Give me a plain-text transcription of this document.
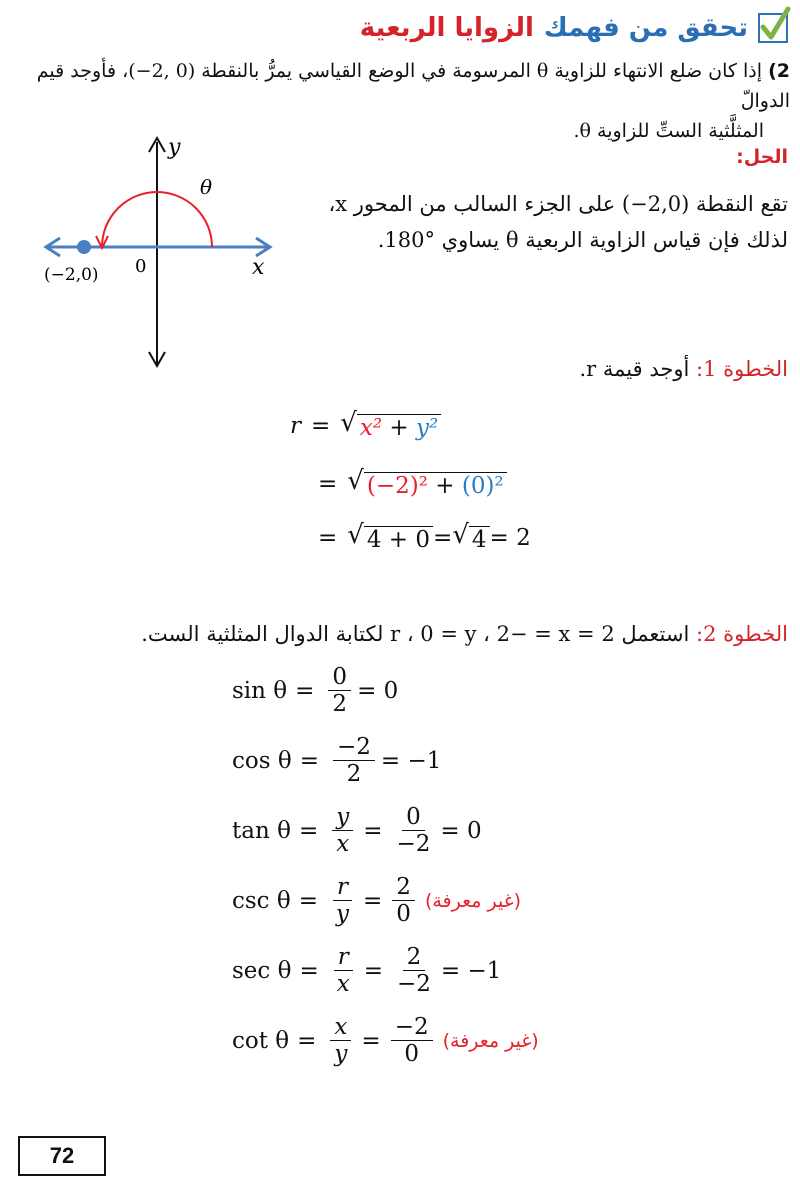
تحقق من فهمك
الزوايا الربعية
2) إذا كان ضلع الانتهاء للزاوية θ المرسومة في الوضع القياسي يمرُّ بالنقطة (0 ,2−)، فأوجد قيم الدوالّ
المثلَّثية الستِّ للزاوية θ.
y
θ
0	x
(−2,0)
الحل:
تقع النقطة (2,0−) على الجزء السالب من المحور x،
لذلك فإن قياس الزاوية الربعية θ يساوي °180.
الخطوة 1: أوجد قيمة r.
r = √ x² + y²
= √ (−2)² + (0)²
= √ 4 + 0 = √ 4 = 2
الخطوة 2: استعمل 2 = r ، 0 = y ، 2− = x لكتابة الدوال المثلثية الست.
$\sin \theta = \frac{0}{2} = 0$
$\cos \theta = \frac{-2}{2} = -1$
$\tan \theta = \frac{y}{x} = \frac{0}{-2} = 0$
$\csc \theta = \frac{r}{y} = \frac{2}{0}$ (غير معرفة)
$\sec \theta = \frac{r}{x} = \frac{2}{-2} = -1$
$\cot \theta = \frac{x}{y} = \frac{-2}{0}$ (غير معرفة)
72
